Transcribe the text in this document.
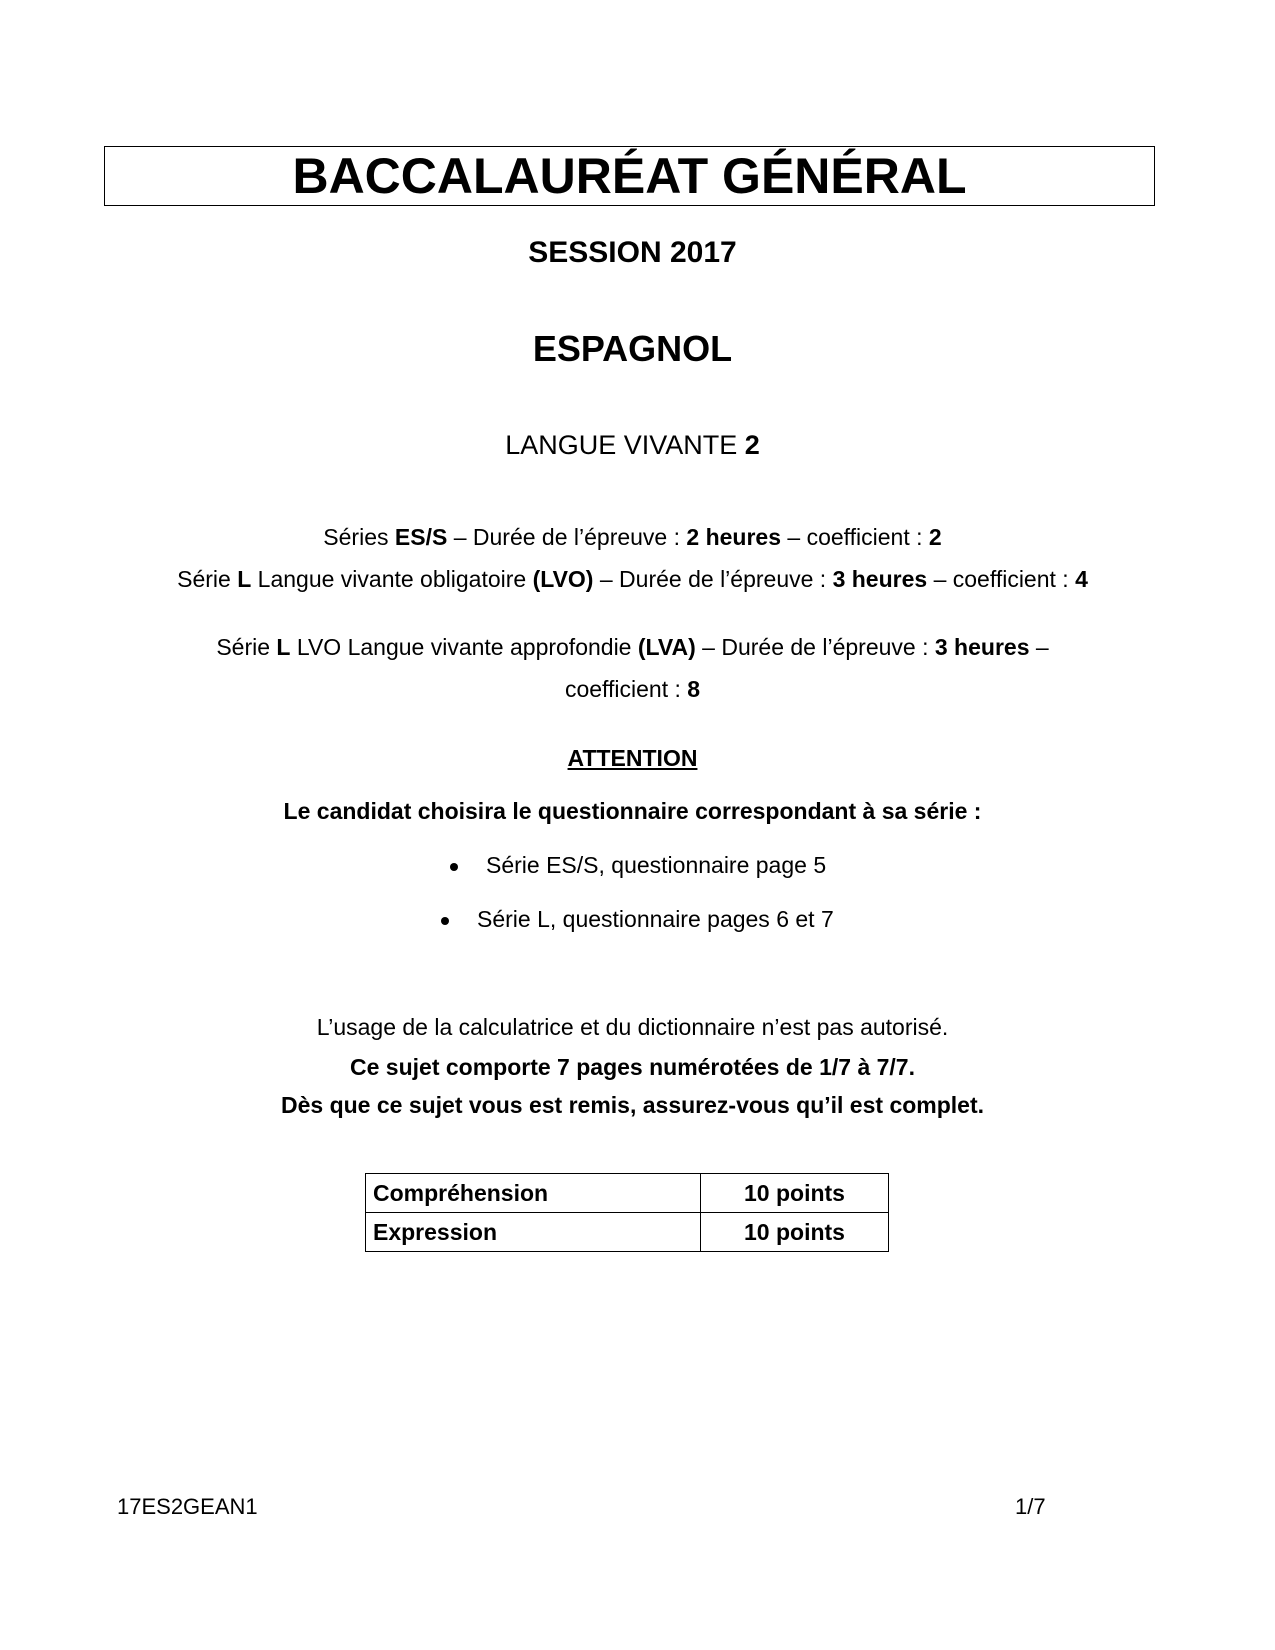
BACCALAURÉAT GÉNÉRAL

SESSION 2017

ESPAGNOL

LANGUE VIVANTE 2

Séries ES/S – Durée de l’épreuve : 2 heures – coefficient : 2

Série L Langue vivante obligatoire (LVO) – Durée de l’épreuve : 3 heures – coefficient : 4

Série L LVO Langue vivante approfondie (LVA) – Durée de l’épreuve : 3 heures –

coefficient : 8

ATTENTION

Le candidat choisira le questionnaire correspondant à sa série :

Série ES/S, questionnaire page 5

Série L, questionnaire pages 6 et 7

L’usage de la calculatrice et du dictionnaire n’est pas autorisé.

Ce sujet comporte 7 pages numérotées de 1/7 à 7/7.

Dès que ce sujet vous est remis, assurez-vous qu’il est complet.

Compréhension	10 points
Expression	10 points

17ES2GEAN1	1/7
